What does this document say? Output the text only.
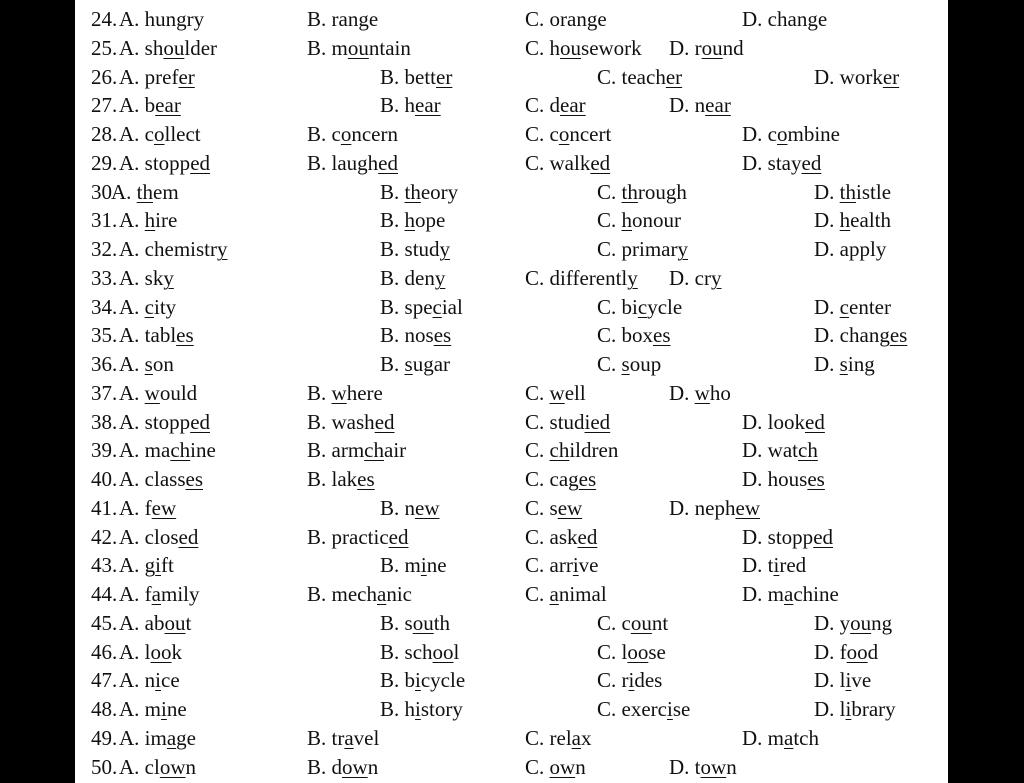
24. A. hungry	B. range	C. orange	D. change
25. A. shoulder	B. mountain	C. housework D. round
26. A. prefer	B. better	C. teacher	D. worker
27. A. bear	B. hear	C. dear	D. near
28. A. collect	B. concern	C. concert	D. combine
29. A. stopped	B. laughed	C. walked	D. stayed
30 A. them	B. theory	C. through	D. thistle
31. A. hire	B. hope	C. honour	D. health
32. A. chemistry	B. study	C. primary	D. apply
33. A. sky	B. deny	C. differently D. cry
34. A. city	B. special	C. bicycle	D. center
35. A. tables	B. noses	C. boxes	D. changes
36. A. son	B. sugar	C. soup	D. sing
37. A. would	B. where	C. well	D. who
38. A. stopped	B. washed	C. studied	D. looked
39. A. machine	B. armchair	C. children	D. watch
40. A. classes	B. lakes	C. cages	D. houses
41. A. few	B. new	C. sew	D. nephew
42. A. closed	B. practiced	C. asked	D. stopped
43. A. gift	B. mine	C. arrive	D. tired
44. A. family	B. mechanic	C. animal	D. machine
45. A. about	B. south	C. count	D. young
46. A. look	B. school	C. loose	D. food
47. A. nice	B. bicycle	C. rides	D. live
48. A. mine	B. history	C. exercise	D. library
49. A. image	B. travel	C. relax	D. match
50. A. clown	B. down	C. own	D. town
